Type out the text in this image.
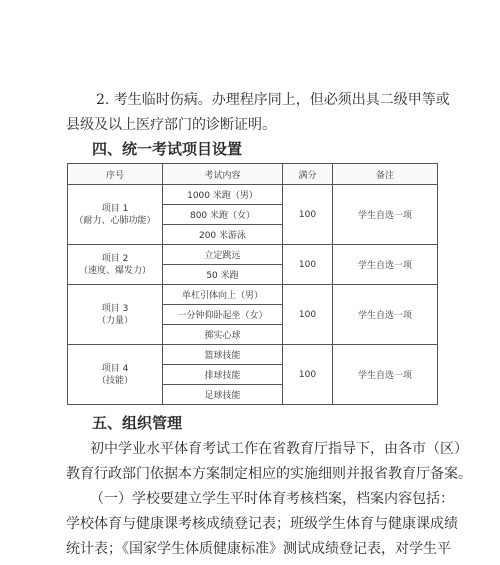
2. 考生临时伤病。办理程序同上，但必须出具二级甲等或
县级及以上医疗部门的诊断证明。
四、统一考试项目设置
序号	考试内容	满分	备注

项目 1
（耐力、心肺功能）	1000 米跑（男）	100	学生自选一项
	800 米跑（女）		
	200 米游泳		

项目 2
（速度、爆发力）	立定跳远	100	学生自选一项
	50 米跑		

项目 3
（力量）	单杠引体向上（男）	100	学生自选一项
	一分钟仰卧起坐（女）		
	掷实心球		

项目 4
（技能）	篮球技能	100	学生自选一项
	排球技能		
	足球技能		
五、组织管理
初中学业水平体育考试工作在省教育厅指导下，由各市（区）
教育行政部门依据本方案制定相应的实施细则并报省教育厅备案。
（一）学校要建立学生平时体育考核档案，档案内容包括：
学校体育与健康课考核成绩登记表；班级学生体育与健康课成绩
统计表；《国家学生体质健康标准》测试成绩登记表，对学生平
